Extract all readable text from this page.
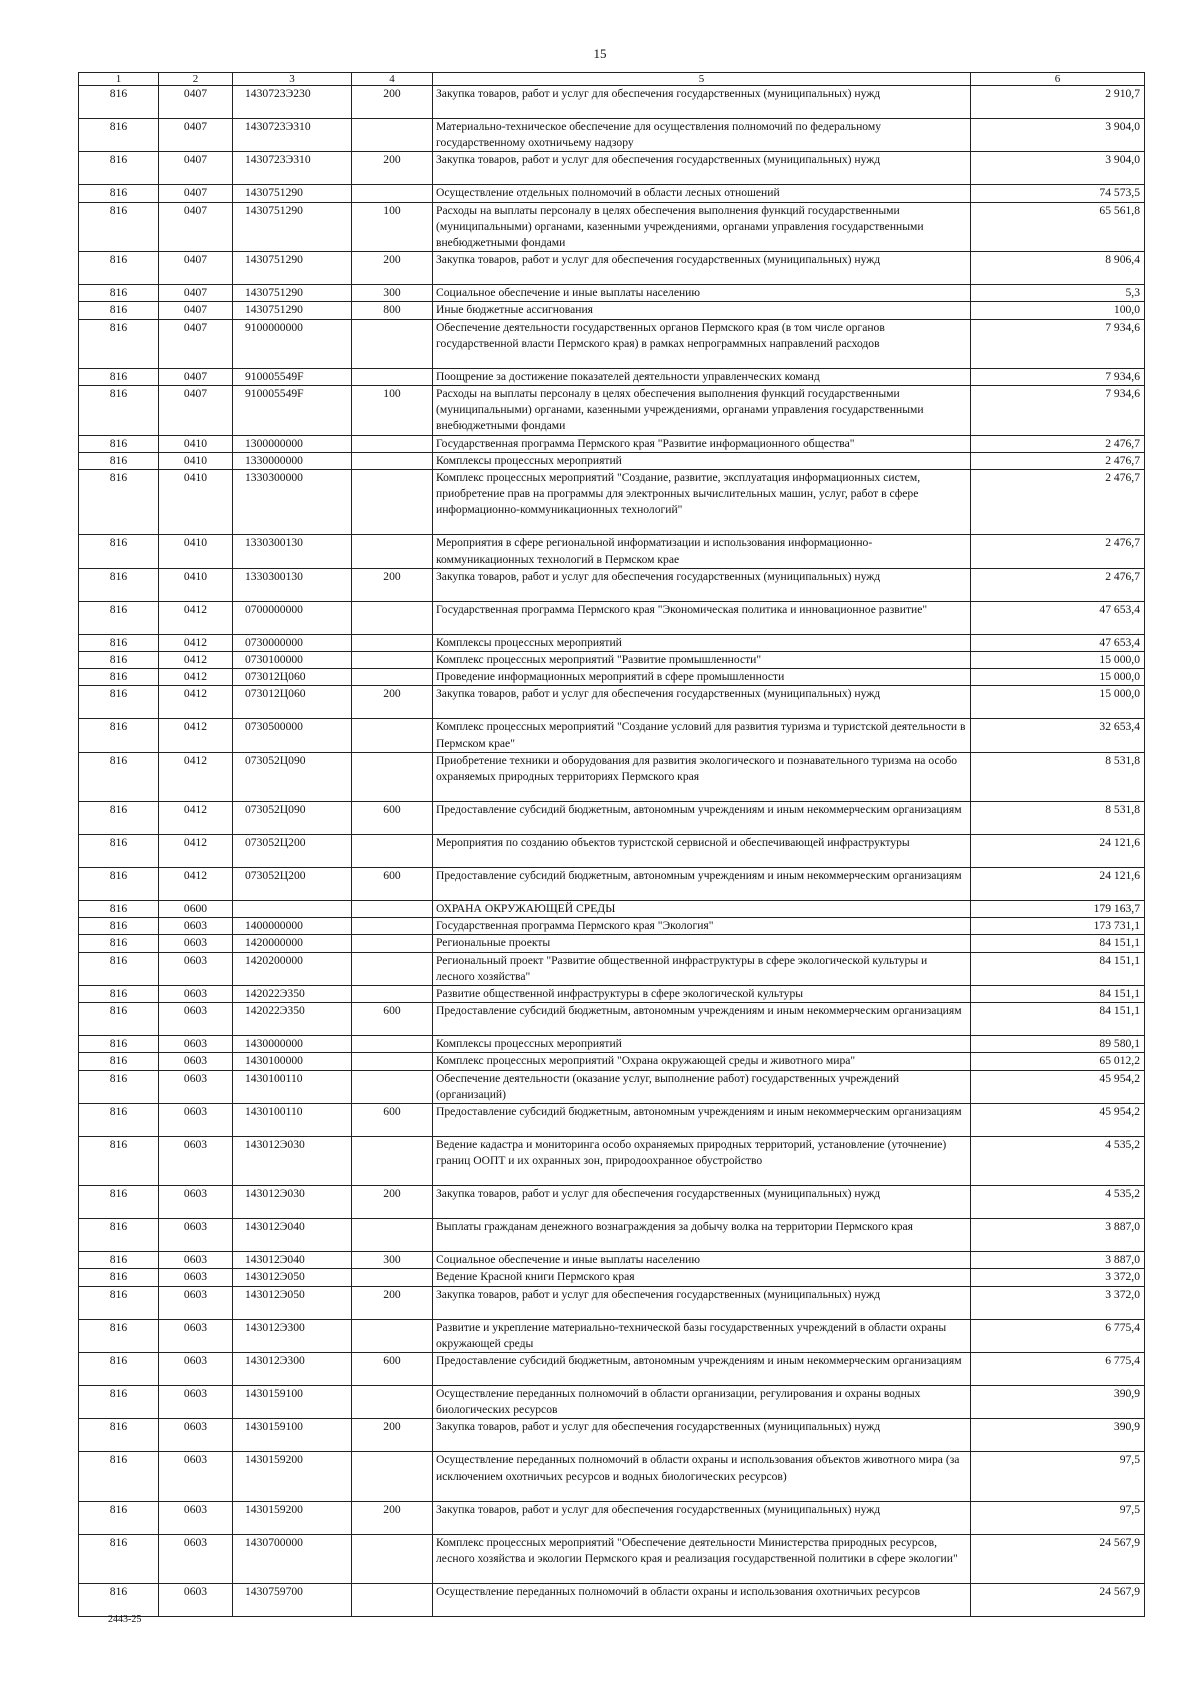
15
1	2	3	4	5	6
816	0407	1430723Э230	200	Закупка товаров, работ и услуг для обеспечения государственных (муниципальных) нужд	2 910,7
816	0407	1430723Э310		Материально-техническое обеспечение для осуществления полномочий по федеральному государственному охотничьему надзору	3 904,0
816	0407	1430723Э310	200	Закупка товаров, работ и услуг для обеспечения государственных (муниципальных) нужд	3 904,0
816	0407	1430751290		Осуществление отдельных полномочий в области лесных отношений	74 573,5
816	0407	1430751290	100	Расходы на выплаты персоналу в целях обеспечения выполнения функций государственными (муниципальными) органами, казенными учреждениями, органами управления государственными внебюджетными фондами	65 561,8
816	0407	1430751290	200	Закупка товаров, работ и услуг для обеспечения государственных (муниципальных) нужд	8 906,4
816	0407	1430751290	300	Социальное обеспечение и иные выплаты населению	5,3
816	0407	1430751290	800	Иные бюджетные ассигнования	100,0
816	0407	9100000000		Обеспечение деятельности государственных органов Пермского края (в том числе органов государственной власти Пермского края) в рамках непрограммных направлений расходов	7 934,6
816	0407	910005549F		Поощрение за достижение показателей деятельности управленческих команд	7 934,6
816	0407	910005549F	100	Расходы на выплаты персоналу в целях обеспечения выполнения функций государственными (муниципальными) органами, казенными учреждениями, органами управления государственными внебюджетными фондами	7 934,6
816	0410	1300000000		Государственная программа Пермского края "Развитие информационного общества"	2 476,7
816	0410	1330000000		Комплексы процессных мероприятий	2 476,7
816	0410	1330300000		Комплекс процессных мероприятий "Создание, развитие, эксплуатация информационных систем, приобретение прав на программы для электронных вычислительных машин, услуг, работ в сфере информационно-коммуникационных технологий"	2 476,7
816	0410	1330300130		Мероприятия в сфере региональной информатизации и использования информационно-коммуникационных технологий в Пермском крае	2 476,7
816	0410	1330300130	200	Закупка товаров, работ и услуг для обеспечения государственных (муниципальных) нужд	2 476,7
816	0412	0700000000		Государственная программа Пермского края "Экономическая политика и инновационное развитие"	47 653,4
816	0412	0730000000		Комплексы процессных мероприятий	47 653,4
816	0412	0730100000		Комплекс процессных мероприятий "Развитие промышленности"	15 000,0
816	0412	073012Ц060		Проведение информационных мероприятий в сфере промышленности	15 000,0
816	0412	073012Ц060	200	Закупка товаров, работ и услуг для обеспечения государственных (муниципальных) нужд	15 000,0
816	0412	0730500000		Комплекс процессных мероприятий "Создание условий для развития туризма и туристской деятельности в Пермском крае"	32 653,4
816	0412	073052Ц090		Приобретение техники и оборудования для развития экологического и познавательного туризма на особо охраняемых природных территориях Пермского края	8 531,8
816	0412	073052Ц090	600	Предоставление субсидий бюджетным, автономным учреждениям и иным некоммерческим организациям	8 531,8
816	0412	073052Ц200		Мероприятия по созданию объектов туристской сервисной и обеспечивающей инфраструктуры	24 121,6
816	0412	073052Ц200	600	Предоставление субсидий бюджетным, автономным учреждениям и иным некоммерческим организациям	24 121,6
816	0600			ОХРАНА ОКРУЖАЮЩЕЙ СРЕДЫ	179 163,7
816	0603	1400000000		Государственная программа Пермского края "Экология"	173 731,1
816	0603	1420000000		Региональные проекты	84 151,1
816	0603	1420200000		Региональный проект "Развитие общественной инфраструктуры в сфере экологической культуры и лесного хозяйства"	84 151,1
816	0603	142022Э350		Развитие общественной инфраструктуры в сфере экологической культуры	84 151,1
816	0603	142022Э350	600	Предоставление субсидий бюджетным, автономным учреждениям и иным некоммерческим организациям	84 151,1
816	0603	1430000000		Комплексы процессных мероприятий	89 580,1
816	0603	1430100000		Комплекс процессных мероприятий "Охрана окружающей среды и животного мира"	65 012,2
816	0603	1430100110		Обеспечение деятельности (оказание услуг, выполнение работ) государственных учреждений (организаций)	45 954,2
816	0603	1430100110	600	Предоставление субсидий бюджетным, автономным учреждениям и иным некоммерческим организациям	45 954,2
816	0603	143012Э030		Ведение кадастра и мониторинга особо охраняемых природных территорий, установление (уточнение) границ ООПТ и их охранных зон, природоохранное обустройство	4 535,2
816	0603	143012Э030	200	Закупка товаров, работ и услуг для обеспечения государственных (муниципальных) нужд	4 535,2
816	0603	143012Э040		Выплаты гражданам денежного вознаграждения за добычу волка на территории Пермского края	3 887,0
816	0603	143012Э040	300	Социальное обеспечение и иные выплаты населению	3 887,0
816	0603	143012Э050		Ведение Красной книги Пермского края	3 372,0
816	0603	143012Э050	200	Закупка товаров, работ и услуг для обеспечения государственных (муниципальных) нужд	3 372,0
816	0603	143012Э300		Развитие и укрепление материально-технической базы государственных учреждений в области охраны окружающей среды	6 775,4
816	0603	143012Э300	600	Предоставление субсидий бюджетным, автономным учреждениям и иным некоммерческим организациям	6 775,4
816	0603	1430159100		Осуществление переданных полномочий в области организации, регулирования и охраны водных биологических ресурсов	390,9
816	0603	1430159100	200	Закупка товаров, работ и услуг для обеспечения государственных (муниципальных) нужд	390,9
816	0603	1430159200		Осуществление переданных полномочий в области охраны и использования объектов животного мира (за исключением охотничьих ресурсов и водных биологических ресурсов)	97,5
816	0603	1430159200	200	Закупка товаров, работ и услуг для обеспечения государственных (муниципальных) нужд	97,5
816	0603	1430700000		Комплекс процессных мероприятий "Обеспечение деятельности Министерства природных ресурсов, лесного хозяйства и экологии Пермского края и реализация государственной политики в сфере экологии"	24 567,9
816	0603	1430759700		Осуществление переданных полномочий в области охраны и использования охотничьих ресурсов	24 567,9
2443-25
